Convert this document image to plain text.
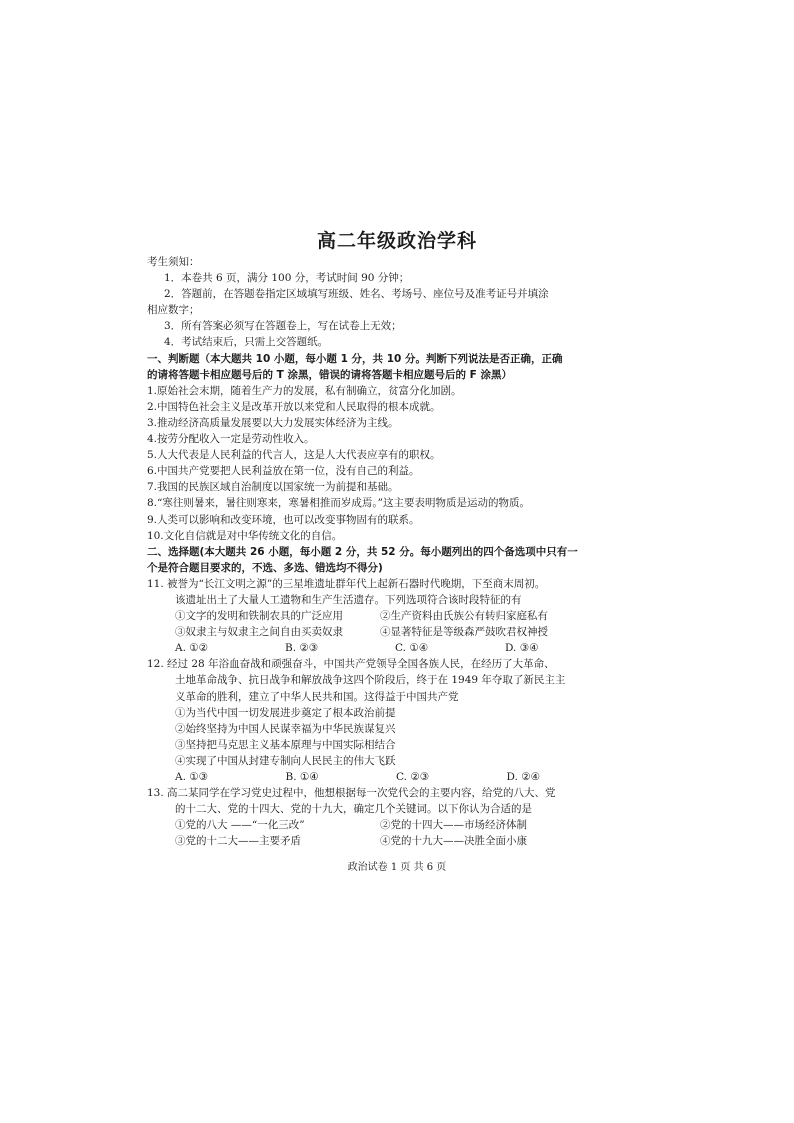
高二年级政治学科
考生须知：
1．本卷共 6 页，满分 100 分，考试时间 90 分钟；
2．答题前，在答题卷指定区域填写班级、姓名、考场号、座位号及准考证号并填涂
相应数字；
3．所有答案必须写在答题卷上，写在试卷上无效；
4．考试结束后，只需上交答题纸。
一、判断题（本大题共 10 小题，每小题 1 分，共 10 分。判断下列说法是否正确，正确
的请将答题卡相应题号后的 T 涂黑，错误的请将答题卡相应题号后的 F 涂黑）
1.原始社会末期，随着生产力的发展，私有制确立，贫富分化加剧。
2.中国特色社会主义是改革开放以来党和人民取得的根本成就。
3.推动经济高质量发展要以大力发展实体经济为主线。
4.按劳分配收入一定是劳动性收入。
5.人大代表是人民利益的代言人，这是人大代表应享有的职权。
6.中国共产党要把人民利益放在第一位，没有自己的利益。
7.我国的民族区域自治制度以国家统一为前提和基础。
8.“寒往则暑来，暑往则寒来，寒暑相推而岁成焉。”这主要表明物质是运动的物质。
9.人类可以影响和改变环境，也可以改变事物固有的联系。
10.文化自信就是对中华传统文化的自信。
二、选择题(本大题共 26 小题，每小题 2 分，共 52 分。每小题列出的四个备选项中只有一
个是符合题目要求的，不选、多选、错选均不得分)
11. 被誉为“长江文明之源”的三星堆遗址群年代上起新石器时代晚期，下至商末周初。
该遗址出土了大量人工遗物和生产生活遗存。下列选项符合该时段特征的有
①文字的发明和铁制农具的广泛应用	②生产资料由氏族公有转归家庭私有
③奴隶主与奴隶主之间自由买卖奴隶	④显著特征是等级森严鼓吹君权神授
A. ①②	B. ②③	C. ①④	D. ③④
12. 经过 28 年浴血奋战和顽强奋斗，中国共产党领导全国各族人民，在经历了大革命、
土地革命战争、抗日战争和解放战争这四个阶段后，终于在 1949 年夺取了新民主主
义革命的胜利，建立了中华人民共和国。这得益于中国共产党
①为当代中国一切发展进步奠定了根本政治前提
②始终坚持为中国人民谋幸福为中华民族谋复兴
③坚持把马克思主义基本原理与中国实际相结合
④实现了中国从封建专制向人民民主的伟大飞跃
A. ①③	B. ①④	C. ②③	D. ②④
13. 高二某同学在学习党史过程中，他想根据每一次党代会的主要内容，给党的八大、党
的十二大、党的十四大、党的十九大，确定几个关键词。以下你认为合适的是
①党的八大 ——“一化三改”	②党的十四大——市场经济体制
③党的十二大——主要矛盾	④党的十九大——决胜全面小康
政治试卷 1 页 共 6 页
